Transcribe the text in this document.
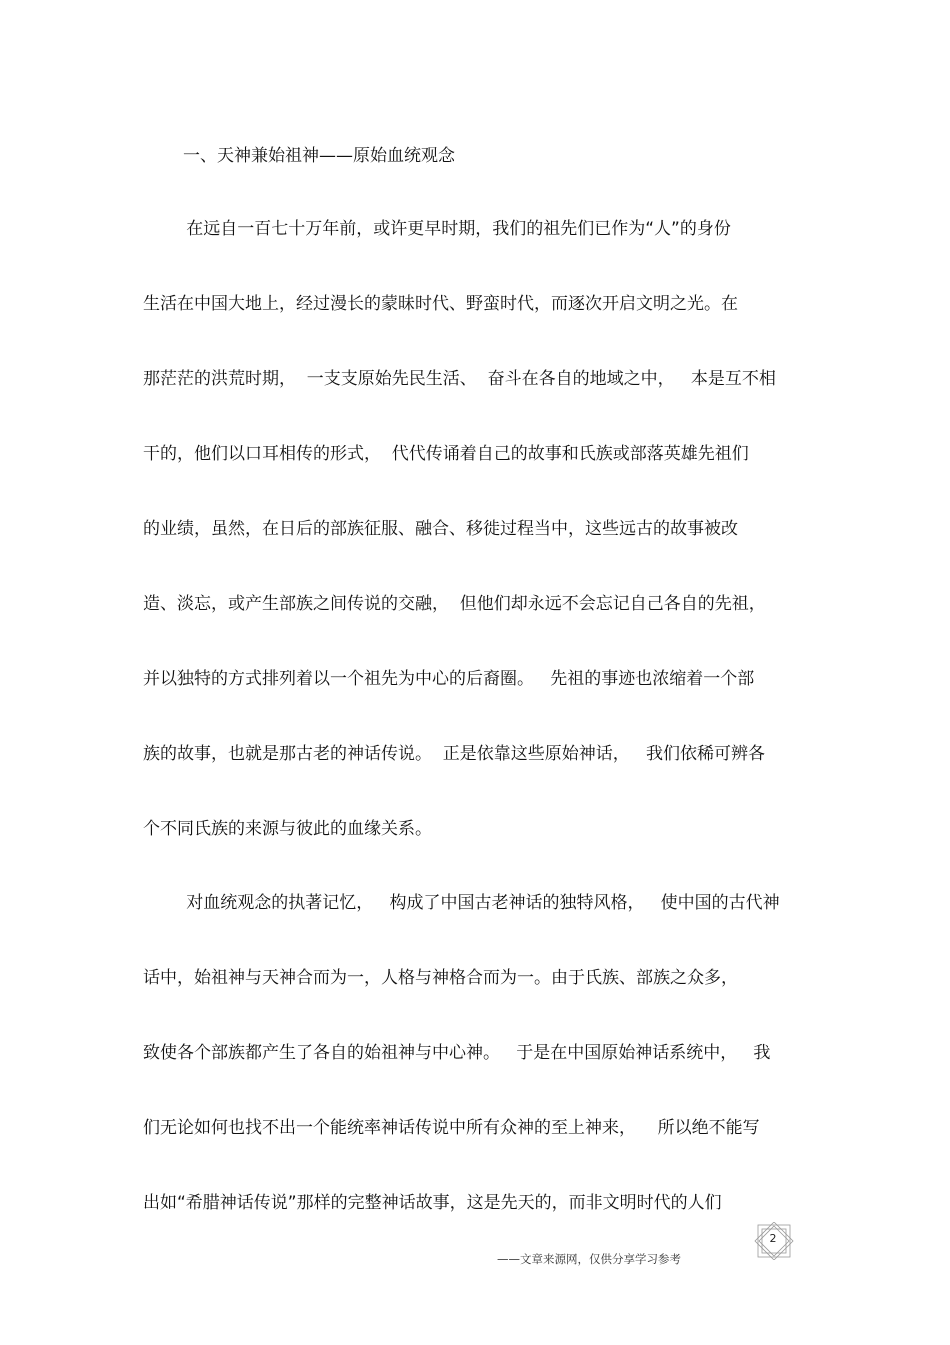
一、天神兼始祖神——原始血统观念
在远自一百七十万年前，或许更早时期，我们的祖先们已作为“人”的身份
生活在中国大地上，经过漫长的蒙昧时代、野蛮时代，而逐次开启文明之光。在
那茫茫的洪荒时期，  一支支原始先民生活、  奋斗在各自的地域之中，   本是互不相
干的，他们以口耳相传的形式，  代代传诵着自己的故事和氏族或部落英雄先祖们
的业绩，虽然，在日后的部族征服、融合、移徙过程当中，这些远古的故事被改
造、淡忘，或产生部族之间传说的交融，  但他们却永远不会忘记自己各自的先祖，
并以独特的方式排列着以一个祖先为中心的后裔圈。   先祖的事迹也浓缩着一个部
族的故事，也就是那古老的神话传说。  正是依靠这些原始神话，   我们依稀可辨各
个不同氏族的来源与彼此的血缘关系。
对血统观念的执著记忆，   构成了中国古老神话的独特风格，   使中国的古代神
话中，始祖神与天神合而为一，人格与神格合而为一。由于氏族、部族之众多，
致使各个部族都产生了各自的始祖神与中心神。   于是在中国原始神话系统中，   我
们无论如何也找不出一个能统率神话传说中所有众神的至上神来，    所以绝不能写
出如“希腊神话传说”那样的完整神话故事，这是先天的，而非文明时代的人们
2
——文章来源网，仅供分享学习参考
